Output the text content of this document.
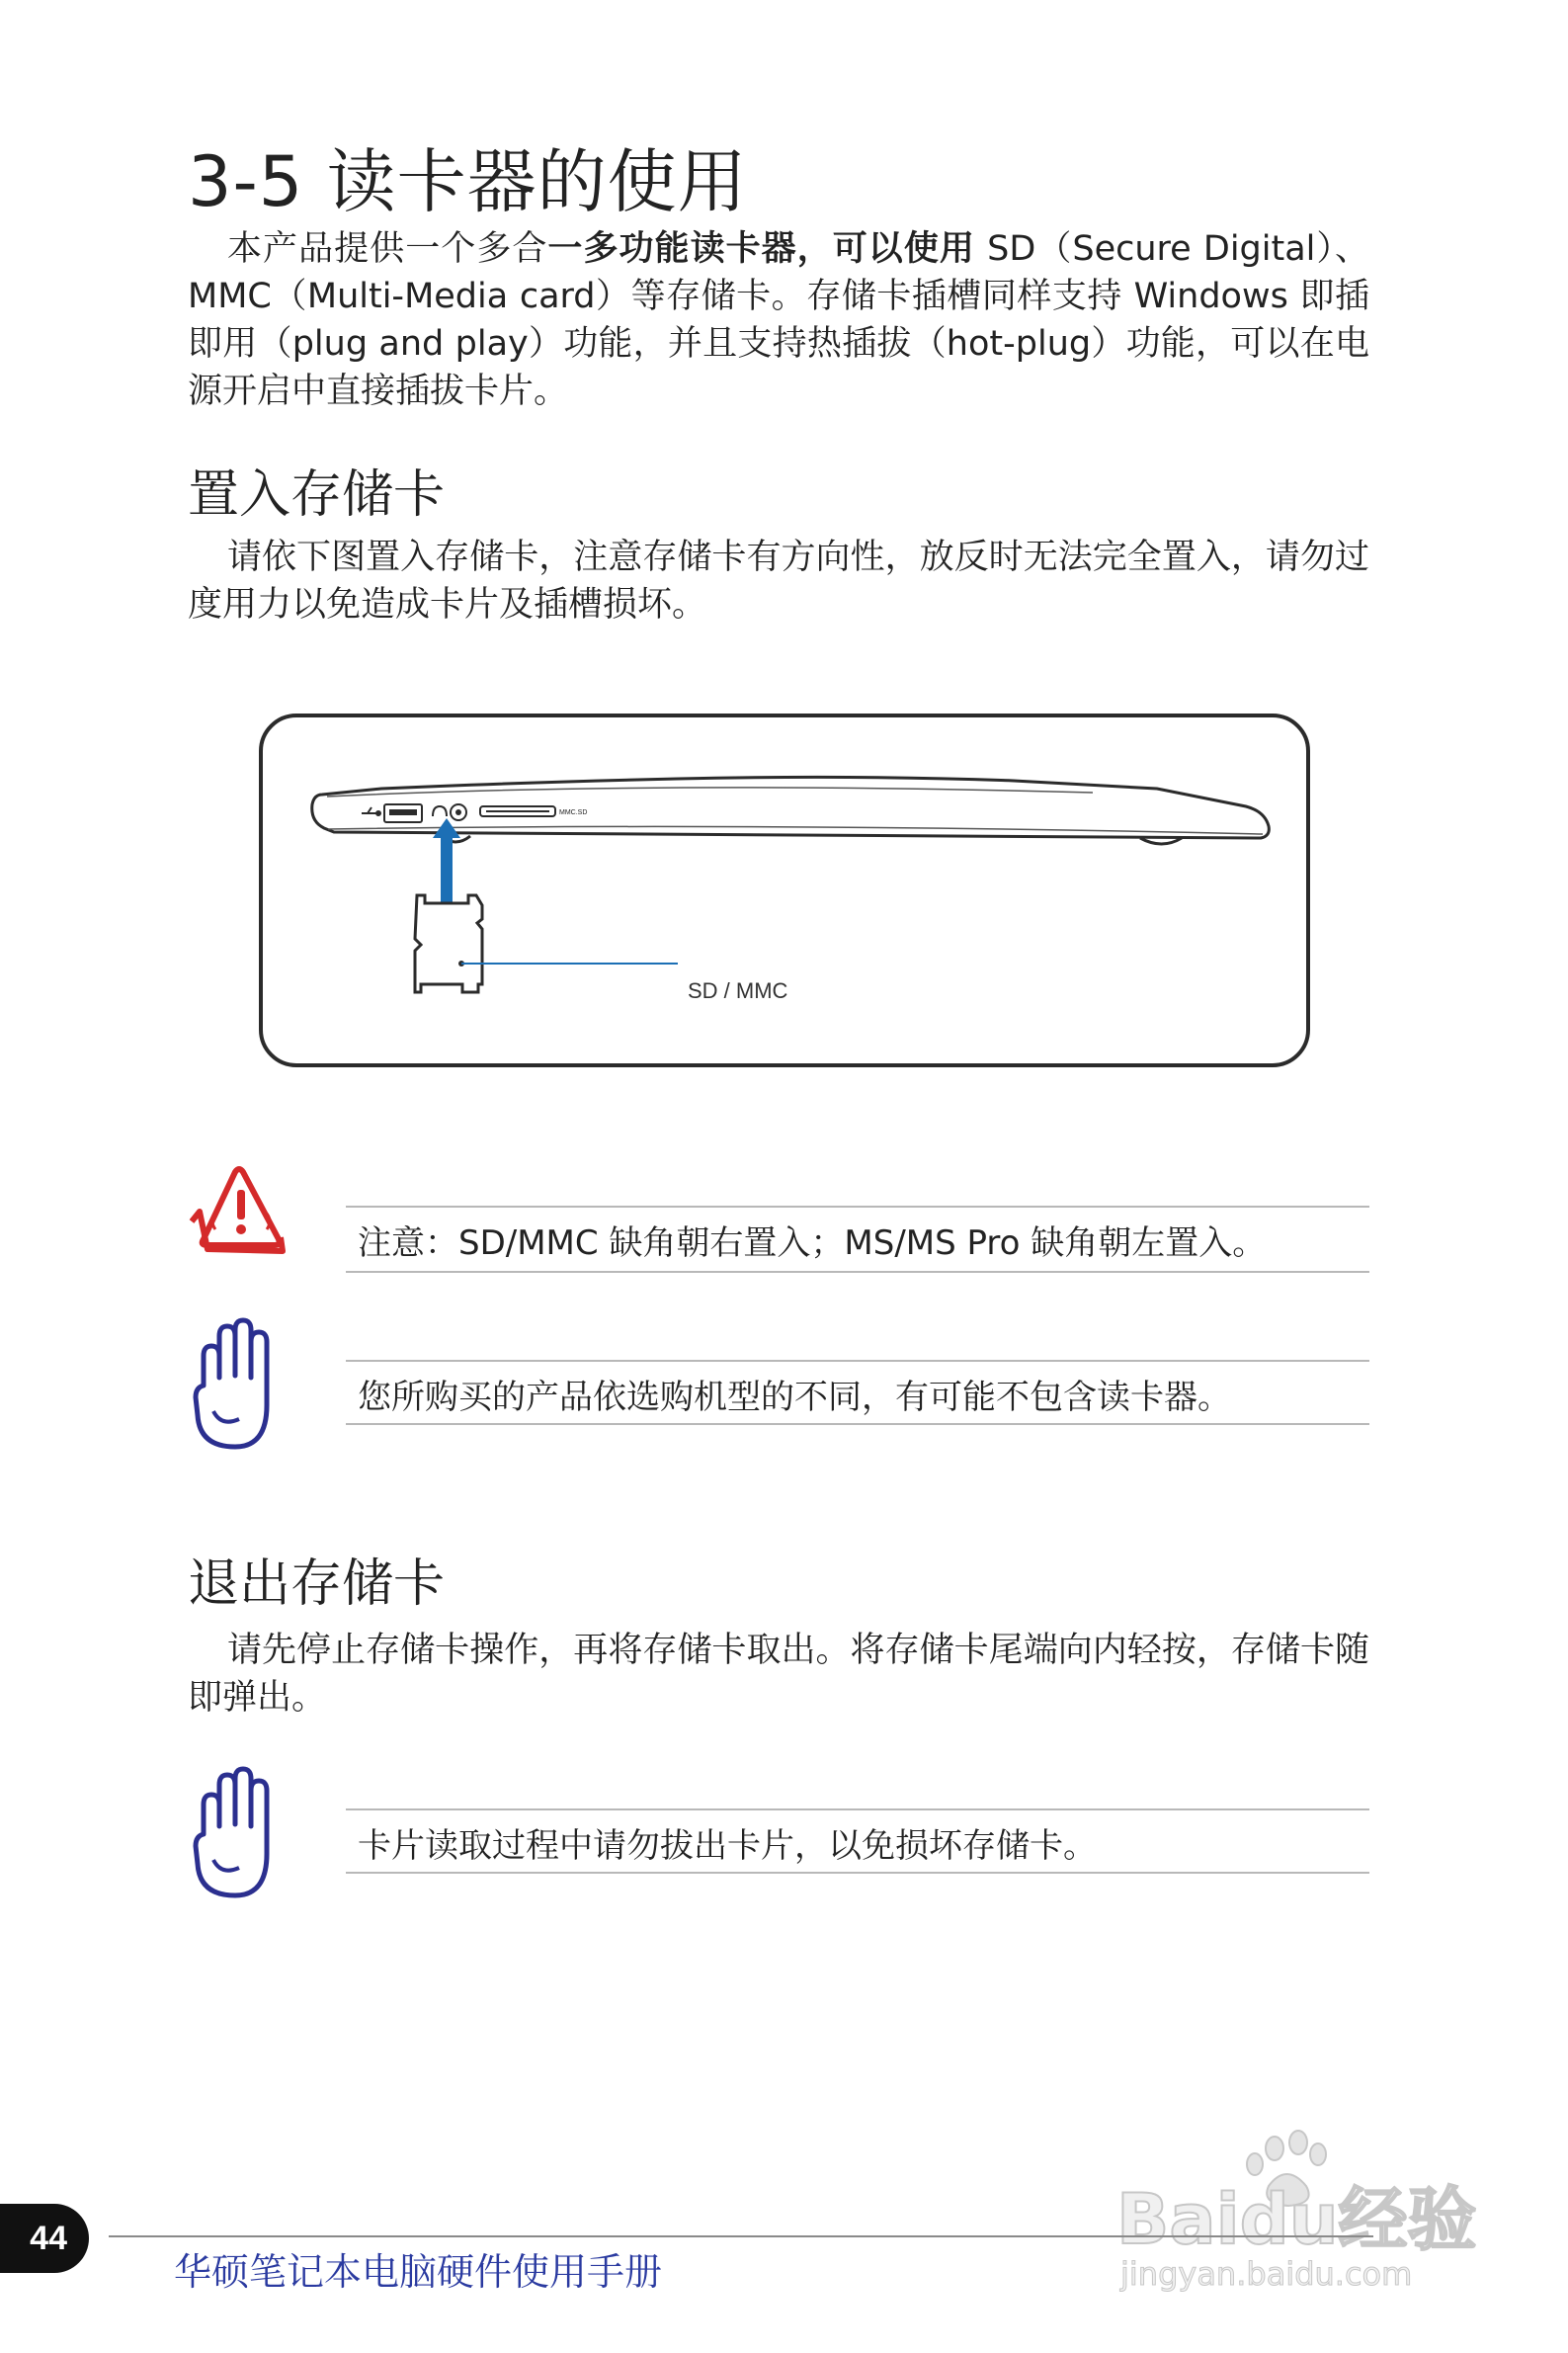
3-5 读卡器的使用

本产品提供一个多合一多功能读卡器，可以使用 SD（Secure Digital）、MMC（Multi-Media card）等存储卡。存储卡插槽同样支持 Windows 即插即用（plug and play）功能，并且支持热插拔（hot-plug）功能，可以在电源开启中直接插拔卡片。

置入存储卡

请依下图置入存储卡，注意存储卡有方向性，放反时无法完全置入，请勿过度用力以免造成卡片及插槽损坏。

MMC.SD
SD / MMC

注意：SD/MMC 缺角朝右置入；MS/MS Pro 缺角朝左置入。

您所购买的产品依选购机型的不同，有可能不包含读卡器。

退出存储卡

请先停止存储卡操作，再将存储卡取出。将存储卡尾端向内轻按，存储卡随即弹出。

卡片读取过程中请勿拔出卡片，以免损坏存储卡。

Baidu经验
jingyan.baidu.com
44

华硕笔记本电脑硬件使用手册
